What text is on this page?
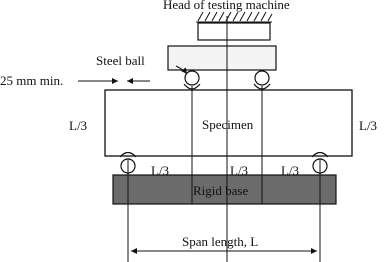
Head of testing machine
Steel ball
25 mm min.
L/3	L/3
Specimen
L/3	L/3	L/3
Rigid base
Span length, L
